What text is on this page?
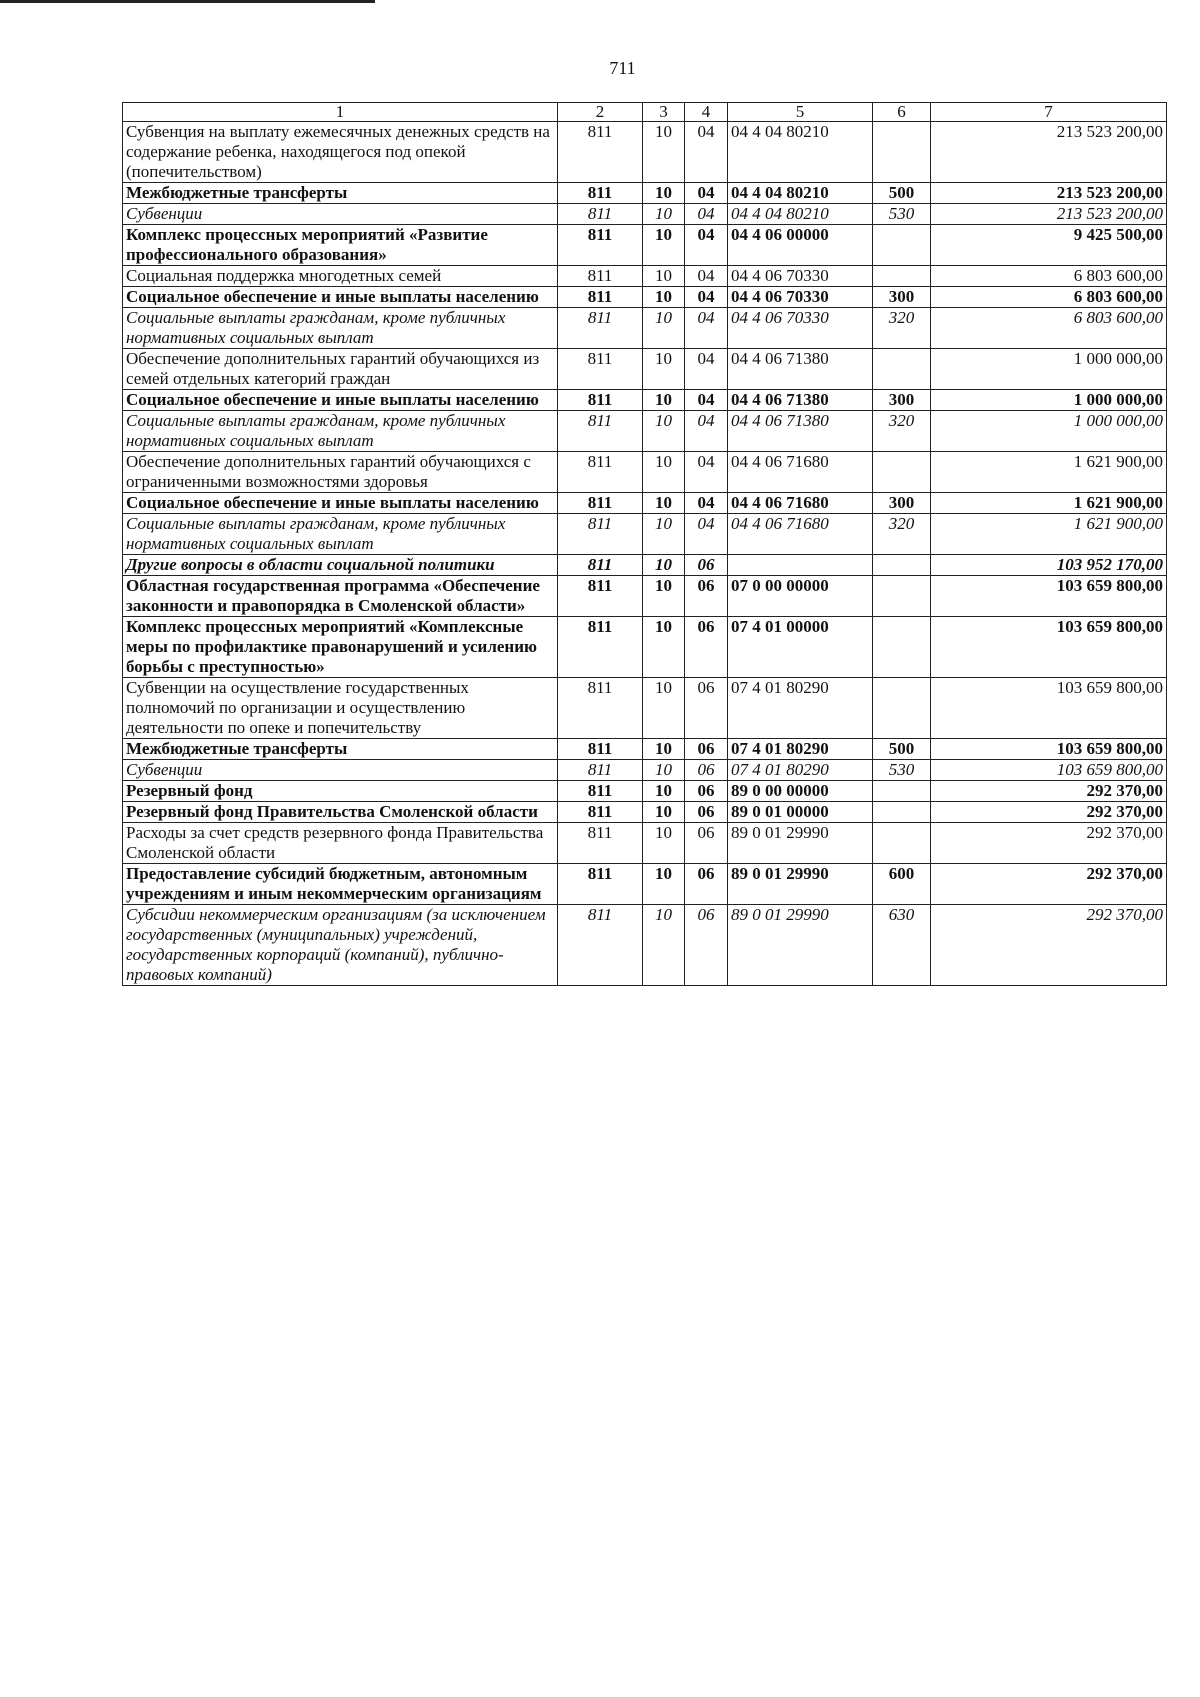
711
1	2	3	4	5	6	7
Субвенция на выплату ежемесячных денежных средств на содержание ребенка, находящегося под опекой (попечительством)	811	10	04	04 4 04 80210		213 523 200,00
Межбюджетные трансферты	811	10	04	04 4 04 80210	500	213 523 200,00
Субвенции	811	10	04	04 4 04 80210	530	213 523 200,00
Комплекс процессных мероприятий «Развитие профессионального образования»	811	10	04	04 4 06 00000		9 425 500,00
Социальная поддержка многодетных семей	811	10	04	04 4 06 70330		6 803 600,00
Социальное обеспечение и иные выплаты населению	811	10	04	04 4 06 70330	300	6 803 600,00
Социальные выплаты гражданам, кроме публичных нормативных социальных выплат	811	10	04	04 4 06 70330	320	6 803 600,00
Обеспечение дополнительных гарантий обучающихся из семей отдельных категорий граждан	811	10	04	04 4 06 71380		1 000 000,00
Социальное обеспечение и иные выплаты населению	811	10	04	04 4 06 71380	300	1 000 000,00
Социальные выплаты гражданам, кроме публичных нормативных социальных выплат	811	10	04	04 4 06 71380	320	1 000 000,00
Обеспечение дополнительных гарантий обучающихся с ограниченными возможностями здоровья	811	10	04	04 4 06 71680		1 621 900,00
Социальное обеспечение и иные выплаты населению	811	10	04	04 4 06 71680	300	1 621 900,00
Социальные выплаты гражданам, кроме публичных нормативных социальных выплат	811	10	04	04 4 06 71680	320	1 621 900,00
Другие вопросы в области социальной политики	811	10	06			103 952 170,00
Областная государственная программа «Обеспечение законности и правопорядка в Смоленской области»	811	10	06	07 0 00 00000		103 659 800,00
Комплекс процессных мероприятий «Комплексные меры по профилактике правонарушений и усилению борьбы с преступностью»	811	10	06	07 4 01 00000		103 659 800,00
Субвенции на осуществление государственных полномочий по организации и осуществлению деятельности по опеке и попечительству	811	10	06	07 4 01 80290		103 659 800,00
Межбюджетные трансферты	811	10	06	07 4 01 80290	500	103 659 800,00
Субвенции	811	10	06	07 4 01 80290	530	103 659 800,00
Резервный фонд	811	10	06	89 0 00 00000		292 370,00
Резервный фонд Правительства Смоленской области	811	10	06	89 0 01 00000		292 370,00
Расходы за счет средств резервного фонда Правительства Смоленской области	811	10	06	89 0 01 29990		292 370,00
Предоставление субсидий бюджетным, автономным учреждениям и иным некоммерческим организациям	811	10	06	89 0 01 29990	600	292 370,00
Субсидии некоммерческим организациям (за исключением государственных (муниципальных) учреждений, государственных корпораций (компаний), публично-правовых компаний)	811	10	06	89 0 01 29990	630	292 370,00
